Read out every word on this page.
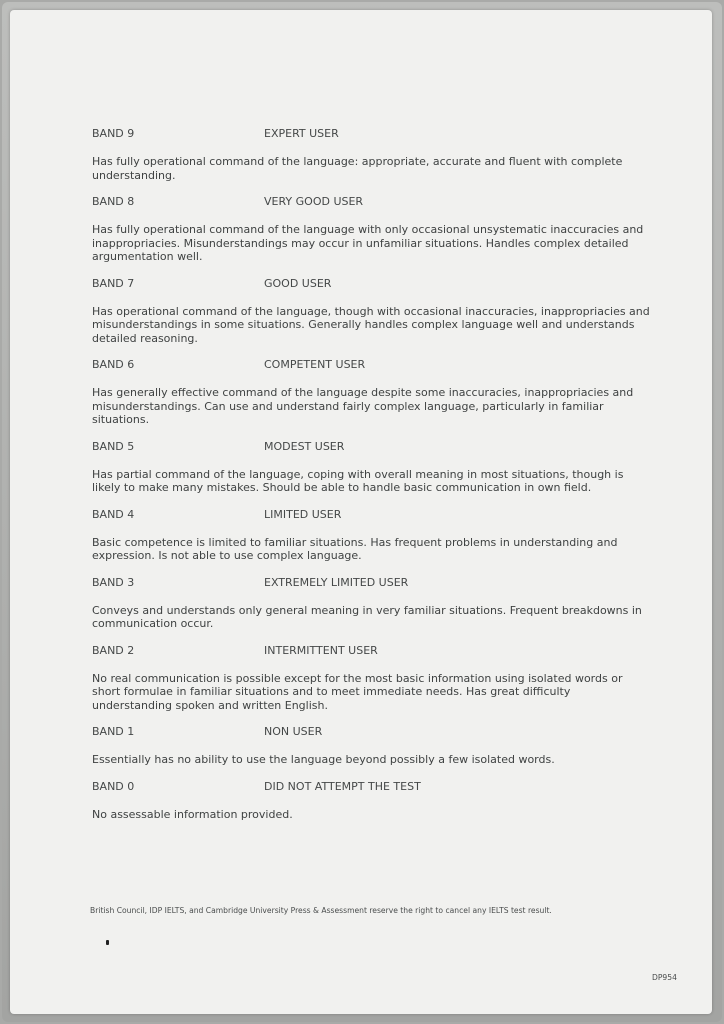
BAND 9	EXPERT USER
Has fully operational command of the language: appropriate, accurate and fluent with complete understanding.
BAND 8	VERY GOOD USER
Has fully operational command of the language with only occasional unsystematic inaccuracies and inappropriacies. Misunderstandings may occur in unfamiliar situations. Handles complex detailed argumentation well.
BAND 7	GOOD USER
Has operational command of the language, though with occasional inaccuracies, inappropriacies and misunderstandings in some situations. Generally handles complex language well and understands detailed reasoning.
BAND 6	COMPETENT USER
Has generally effective command of the language despite some inaccuracies, inappropriacies and misunderstandings. Can use and understand fairly complex language, particularly in familiar situations.
BAND 5	MODEST USER
Has partial command of the language, coping with overall meaning in most situations, though is likely to make many mistakes. Should be able to handle basic communication in own field.
BAND 4	LIMITED USER
Basic competence is limited to familiar situations. Has frequent problems in understanding and expression. Is not able to use complex language.
BAND 3	EXTREMELY LIMITED USER
Conveys and understands only general meaning in very familiar situations. Frequent breakdowns in communication occur.
BAND 2	INTERMITTENT USER
No real communication is possible except for the most basic information using isolated words or short formulae in familiar situations and to meet immediate needs. Has great difficulty understanding spoken and written English.
BAND 1	NON USER
Essentially has no ability to use the language beyond possibly a few isolated words.
BAND 0	DID NOT ATTEMPT THE TEST
No assessable information provided.
British Council, IDP IELTS, and Cambridge University Press & Assessment reserve the right to cancel any IELTS test result.
DP954
